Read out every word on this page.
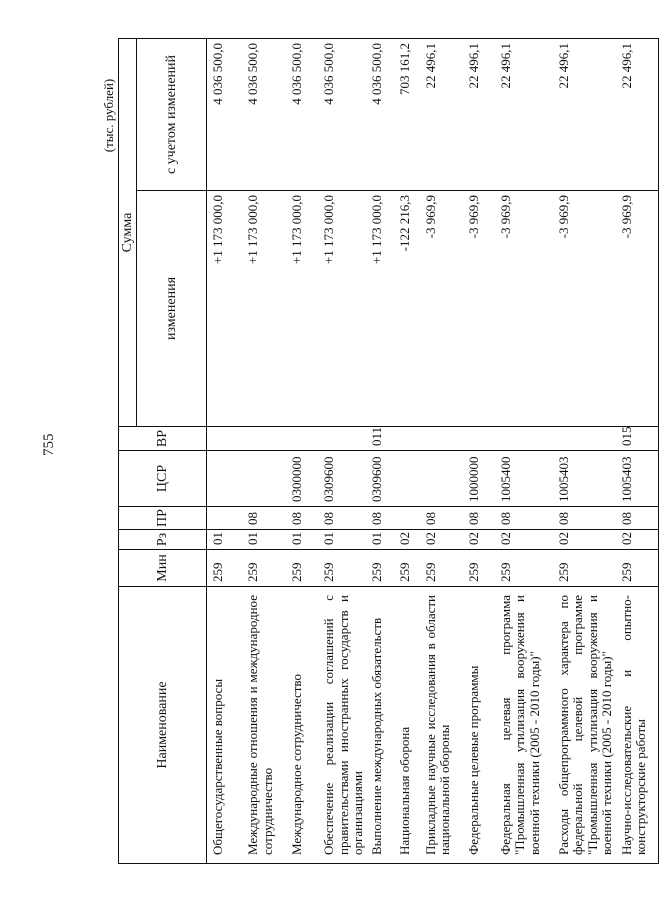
755
(тыс. рублей)
Наименование	Мин	Рз	ПР	ЦСР	ВР	Сумма	
						изменения	с учетом изменений
Общегосударственные вопросы	259	01				+1 173 000,0	4 036 500,0
Международные отношения и международное сотрудничество	259	01	08			+1 173 000,0	4 036 500,0
Международное сотрудничество	259	01	08	0300000		+1 173 000,0	4 036 500,0
Обеспечение реализации соглашений с правительствами иностранных государств и организациями	259	01	08	0309600		+1 173 000,0	4 036 500,0
Выполнение международных обязательств	259	01	08	0309600	011	+1 173 000,0	4 036 500,0
Национальная оборона	259	02				-122 216,3	703 161,2
Прикладные научные исследования в области национальной обороны	259	02	08			-3 969,9	22 496,1
Федеральные целевые программы	259	02	08	1000000		-3 969,9	22 496,1
Федеральная целевая программа "Промышленная утилизация вооружения и военной техники (2005 - 2010 годы)"	259	02	08	1005400		-3 969,9	22 496,1
Расходы общепрограммного характера по федеральной целевой программе "Промышленная утилизация вооружения и военной техники (2005 - 2010 годы)"	259	02	08	1005403		-3 969,9	22 496,1
Научно-исследовательские и опытно-конструкторские работы	259	02	08	1005403	015	-3 969,9	22 496,1
